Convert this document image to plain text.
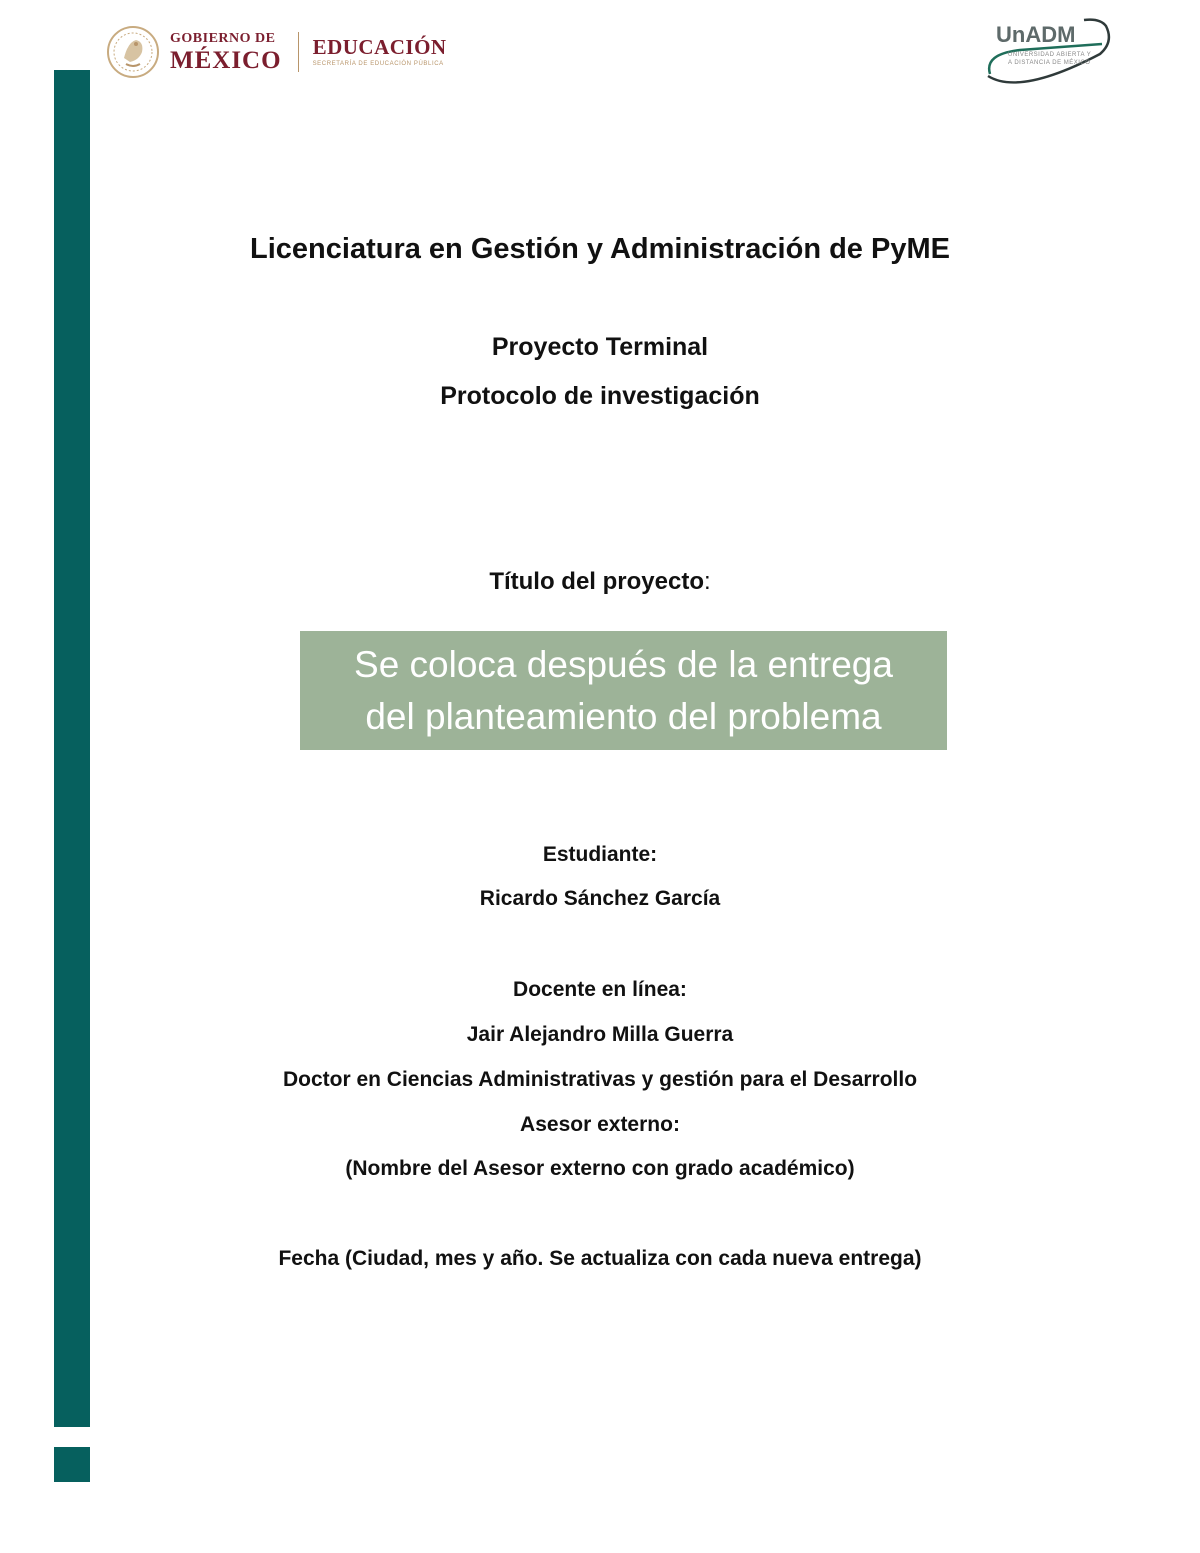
GOBIERNO DE
MÉXICO EDUCACIÓN
SECRETARÍA DE EDUCACIÓN PÚBLICA
UnADM
UNIVERSIDAD ABIERTA Y
A DISTANCIA DE MÉXICO
Licenciatura en Gestión y Administración de PyME
Proyecto Terminal
Protocolo de investigación
Título del proyecto:
Se coloca después de la entrega
del planteamiento del problema
Estudiante:
Ricardo Sánchez García
Docente en línea:
Jair Alejandro Milla Guerra
Doctor en Ciencias Administrativas y gestión para el Desarrollo
Asesor externo:
(Nombre del Asesor externo con grado académico)
Fecha (Ciudad, mes y año. Se actualiza con cada nueva entrega)
